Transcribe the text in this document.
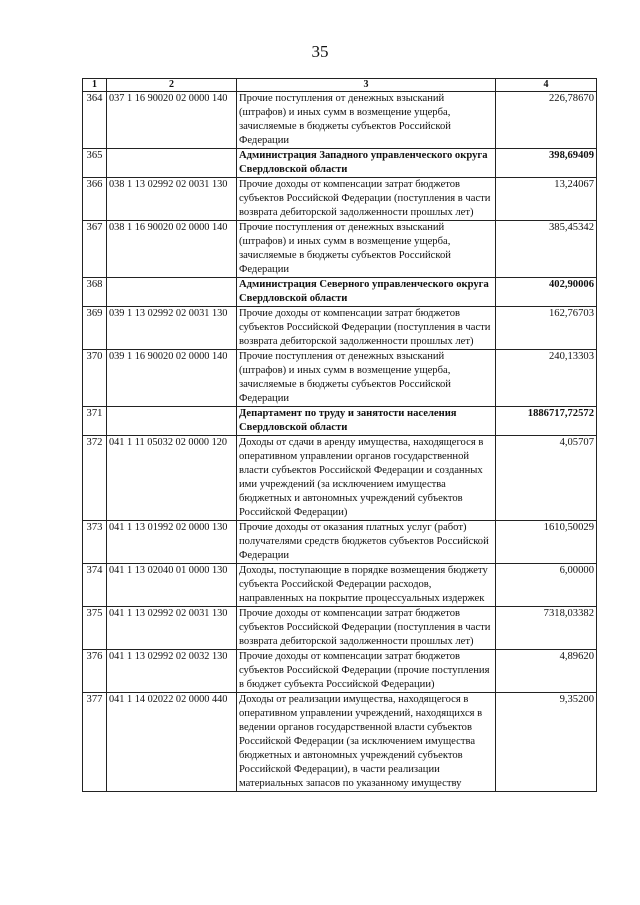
35
1	2	3	4
364	037 1 16 90020 02 0000 140	Прочие поступления от денежных взысканий (штрафов) и иных сумм в возмещение ущерба, зачисляемые в бюджеты субъектов Российской Федерации	226,78670
365		Администрация Западного управленческого округа Свердловской области	398,69409
366	038 1 13 02992 02 0031 130	Прочие доходы от компенсации затрат бюджетов субъектов Российской Федерации (поступления в части возврата дебиторской задолженности прошлых лет)	13,24067
367	038 1 16 90020 02 0000 140	Прочие поступления от денежных взысканий (штрафов) и иных сумм в возмещение ущерба, зачисляемые в бюджеты субъектов Российской Федерации	385,45342
368		Администрация Северного управленческого округа Свердловской области	402,90006
369	039 1 13 02992 02 0031 130	Прочие доходы от компенсации затрат бюджетов субъектов Российской Федерации (поступления в части возврата дебиторской задолженности прошлых лет)	162,76703
370	039 1 16 90020 02 0000 140	Прочие поступления от денежных взысканий (штрафов) и иных сумм в возмещение ущерба, зачисляемые в бюджеты субъектов Российской Федерации	240,13303
371		Департамент по труду и занятости населения Свердловской области	1886717,72572
372	041 1 11 05032 02 0000 120	Доходы от сдачи в аренду имущества, находящегося в оперативном управлении органов государственной власти субъектов Российской Федерации и созданных ими учреждений (за исключением имущества бюджетных и автономных учреждений субъектов Российской Федерации)	4,05707
373	041 1 13 01992 02 0000 130	Прочие доходы от оказания платных услуг (работ) получателями средств бюджетов субъектов Российской Федерации	1610,50029
374	041 1 13 02040 01 0000 130	Доходы, поступающие в порядке возмещения бюджету субъекта Российской Федерации расходов, направленных на покрытие процессуальных издержек	6,00000
375	041 1 13 02992 02 0031 130	Прочие доходы от компенсации затрат бюджетов субъектов Российской Федерации (поступления в части возврата дебиторской задолженности прошлых лет)	7318,03382
376	041 1 13 02992 02 0032 130	Прочие доходы от компенсации затрат бюджетов субъектов Российской Федерации (прочие поступления в бюджет субъекта Российской Федерации)	4,89620
377	041 1 14 02022 02 0000 440	Доходы от реализации имущества, находящегося в оперативном управлении учреждений, находящихся в ведении органов государственной власти субъектов Российской Федерации (за исключением имущества бюджетных и автономных учреждений субъектов Российской Федерации), в части реализации материальных запасов по указанному имуществу	9,35200
